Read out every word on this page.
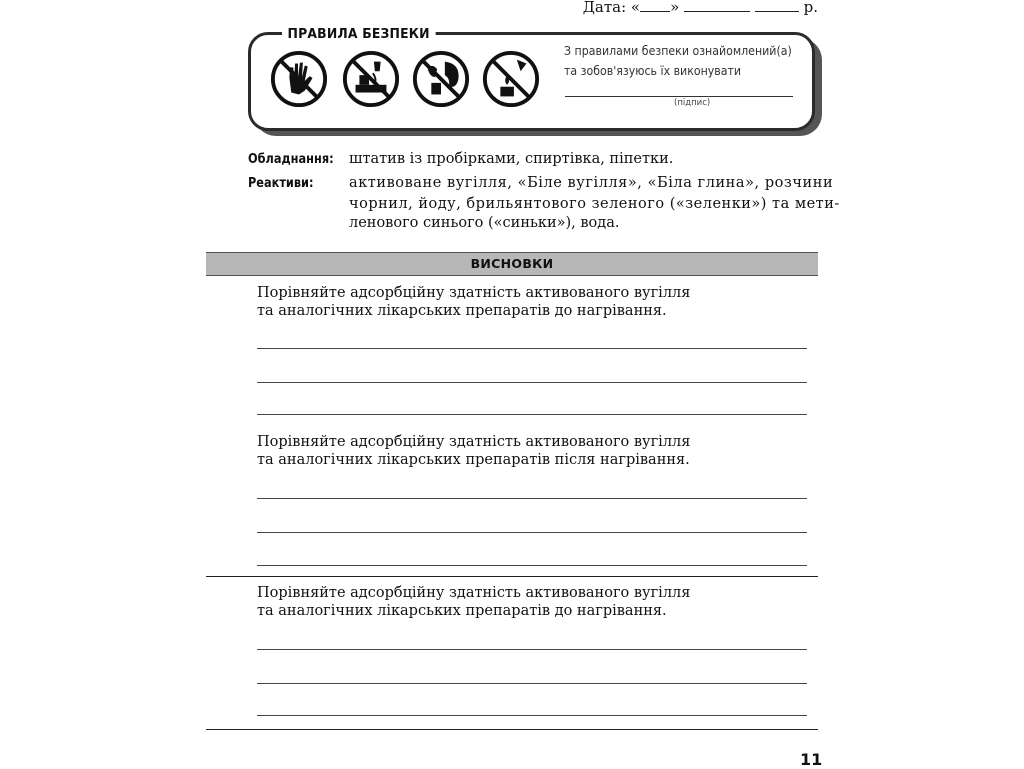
Дата: « »	р.
ПРАВИЛА БЕЗПЕКИ
З правилами безпеки ознайомлений(а)
та зобов'язуюсь їх виконувати
(підпис)
Обладнання: штатив із пробірками, спиртівка, піпетки.
Реактиви: активоване вугілля, «Біле вугілля», «Біла глина», розчини
чорнил, йоду, брильянтового зеленого («зеленки») та мети-
ленового синього («синьки»), вода.
ВИСНОВКИ
Порівняйте адсорбційну здатність активованого вугілля
та аналогічних лікарських препаратів до нагрівання.
Порівняйте адсорбційну здатність активованого вугілля
та аналогічних лікарських препаратів після нагрівання.
Порівняйте адсорбційну здатність активованого вугілля
та аналогічних лікарських препаратів до нагрівання.
11
